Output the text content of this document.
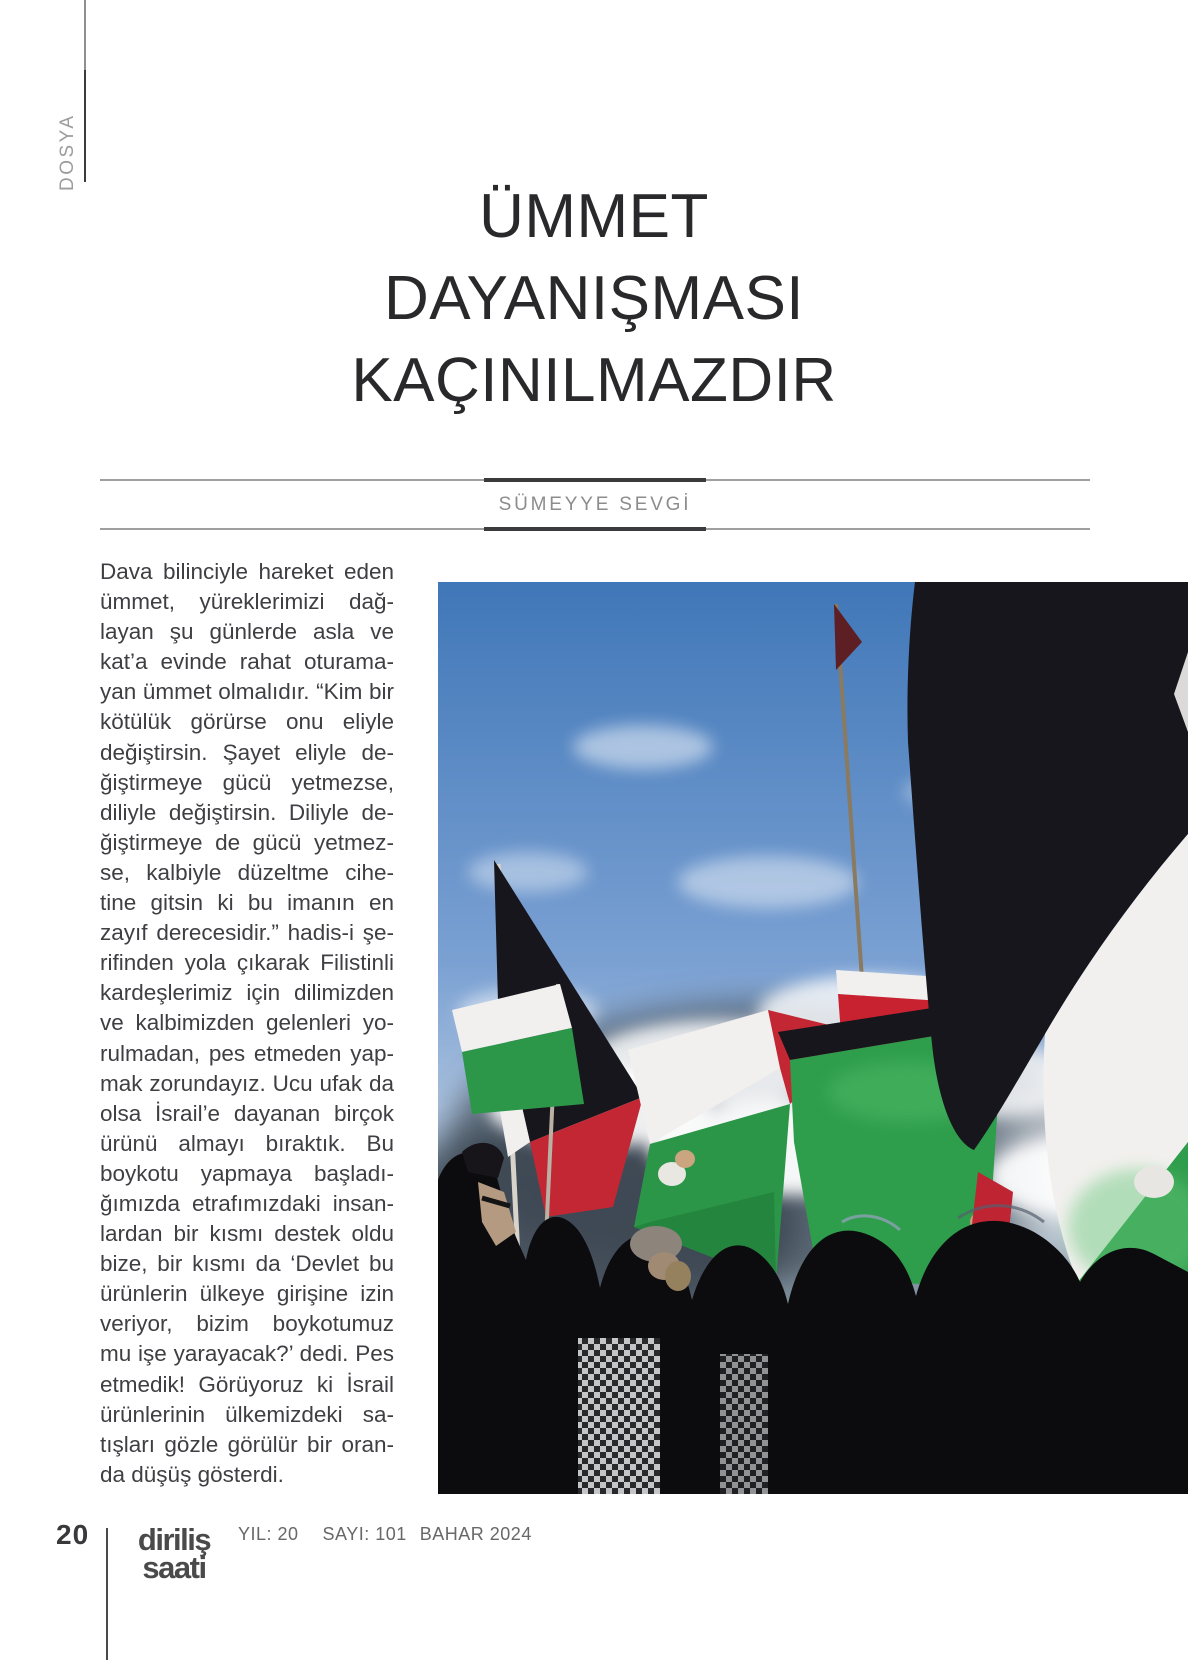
DOSYA
ÜMMET
DAYANIŞMASI
KAÇINILMAZDIR
SÜMEYYE SEVGİ
Dava bilinciyle hareket eden
ümmet, yüreklerimizi dağ-
layan şu günlerde asla ve
kat’a evinde rahat oturama-
yan ümmet olmalıdır. “Kim bir
kötülük görürse onu eliyle
değiştirsin. Şayet eliyle de-
ğiştirmeye gücü yetmezse,
diliyle değiştirsin. Diliyle de-
ğiştirmeye de gücü yetmez-
se, kalbiyle düzeltme cihe-
tine gitsin ki bu imanın en
zayıf derecesidir.” hadis-i şe-
rifinden yola çıkarak Filistinli
kardeşlerimiz için dilimizden
ve kalbimizden gelenleri yo-
rulmadan, pes etmeden yap-
mak zorundayız. Ucu ufak da
olsa İsrail’e dayanan birçok
ürünü almayı bıraktık. Bu
boykotu yapmaya başladı-
ğımızda etrafımızdaki insan-
lardan bir kısmı destek oldu
bize, bir kısmı da ‘Devlet bu
ürünlerin ülkeye girişine izin
veriyor, bizim boykotumuz
mu işe yarayacak?’ dedi. Pes
etmedik! Görüyoruz ki İsrail
ürünlerinin ülkemizdeki sa-
tışları gözle görülür bir oran-
da düşüş gösterdi.
20	diriliş
saati
YIL: 20 SAYI: 101 BAHAR 2024
